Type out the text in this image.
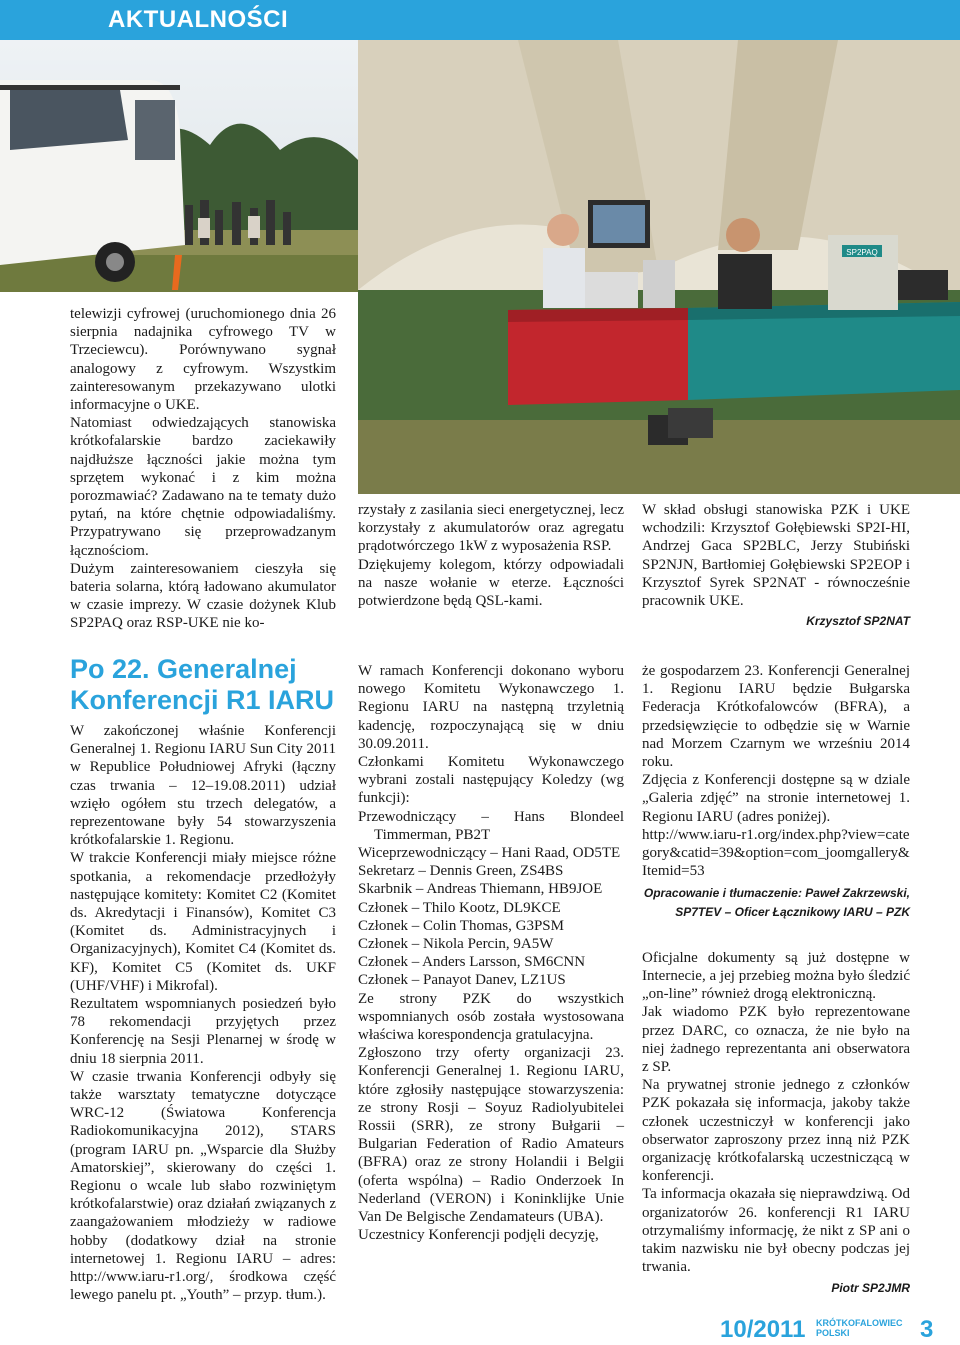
AKTUALNOŚCI
SP2PAQ

telewizji cyfrowej (uruchomionego dnia 26 sierpnia nadajnika cyfrowego TV w Trzeciewcu). Porównywano sygnał analogowy z cyfrowym. Wszystkim zainteresowanym przekazywano ulotki informacyjne o UKE.

Natomiast odwiedzających stanowiska krótkofalarskie bardzo zaciekawiły najdłuższe łączności jakie można tym sprzętem wykonać i z kim można porozmawiać? Zadawano na te tematy dużo pytań, na które chętnie odpowiadaliśmy. Przypatrywano się przeprowadzanym łącznościom.

Dużym zainteresowaniem cieszyła się bateria solarna, którą ładowano akumulator w czasie imprezy. W czasie dożynek Klub SP2PAQ oraz RSP-UKE nie ko-

rzystały z zasilania sieci energetycznej, lecz korzystały z akumulatorów oraz agregatu prądotwórczego 1kW z wyposażenia RSP.

Dziękujemy kolegom, którzy odpowiadali na nasze wołanie w eterze. Łączności potwierdzone będą QSL-kami.

W skład obsługi stanowiska PZK i UKE wchodzili: Krzysztof Gołębiewski SP2I-HI, Andrzej Gaca SP2BLC, Jerzy Stubiński SP2NJN, Bartłomiej Gołębiewski SP2EOP i Krzysztof Syrek SP2NAT - równocześnie pracownik UKE.

Krzysztof SP2NAT
Po 22. Generalnej Konferencji R1 IARU

W zakończonej właśnie Konferencji Generalnej 1. Regionu IARU Sun City 2011 w Republice Południowej Afryki (łączny czas trwania – 12–19.08.2011) udział wzięło ogółem stu trzech delegatów, a reprezentowane były 54 stowarzyszenia krótkofalarskie 1. Regionu.

W trakcie Konferencji miały miejsce różne spotkania, a rekomendacje przedłożyły następujące komitety: Komitet C2 (Komitet ds. Akredytacji i Finansów), Komitet C3 (Komitet ds. Administracyjnych i Organizacyjnych), Komitet C4 (Komitet ds. KF), Komitet C5 (Komitet ds. UKF (UHF/VHF) i Mikrofal).

Rezultatem wspomnianych posiedzeń było 78 rekomendacji przyjętych przez Konferencję na Sesji Plenarnej w środę w dniu 18 sierpnia 2011.

W czasie trwania Konferencji odbyły się także warsztaty tematyczne dotyczące WRC-12 (Światowa Konferencja Radiokomunikacyjna 2012), STARS (program IARU pn. „Wsparcie dla Służby Amatorskiej”, skierowany do części 1. Regionu o wcale lub słabo rozwiniętym krótkofalarstwie) oraz działań związanych z zaangażowaniem młodzieży w radiowe hobby (dodatkowy dział na stronie internetowej 1. Regionu IARU – adres: http://www.iaru-r1.org/, środkowa część lewego panelu pt. „Youth” – przyp. tłum.).

W ramach Konferencji dokonano wyboru nowego Komitetu Wykonawczego 1. Regionu IARU na następną trzyletnią kadencję, rozpoczynającą się w dniu 30.09.2011.

Członkami Komitetu Wykonawczego wybrani zostali następujący Koledzy (wg funkcji):

Przewodniczący – Hans Blondeel Timmerman, PB2T

Wiceprzewodniczący – Hani Raad, OD5TE

Sekretarz – Dennis Green, ZS4BS

Skarbnik – Andreas Thiemann, HB9JOE

Członek – Thilo Kootz, DL9KCE

Członek – Colin Thomas, G3PSM

Członek – Nikola Percin, 9A5W

Członek – Anders Larsson, SM6CNN

Członek – Panayot Danev, LZ1US

Ze strony PZK do wszystkich wspomnianych osób została wystosowana właściwa korespondencja gratulacyjna.

Zgłoszono trzy oferty organizacji 23. Konferencji Generalnej 1. Regionu IARU, które zgłosiły następujące stowarzyszenia: ze strony Rosji – Soyuz Radiolyubitelei Rossii (SRR), ze strony Bułgarii – Bulgarian Federation of Radio Amateurs (BFRA) oraz ze strony Holandii i Belgii (oferta wspólna) – Radio Onderzoek In Nederland (VERON) i Koninklijke Unie Van De Belgische Zendamateurs (UBA).

Uczestnicy Konferencji podjęli decyzję,

że gospodarzem 23. Konferencji Generalnej 1. Regionu IARU będzie Bułgarska Federacja Krótkofalowców (BFRA), a przedsięwzięcie to odbędzie się w Warnie nad Morzem Czarnym we wrześniu 2014 roku.

Zdjęcia z Konferencji dostępne są w dziale „Galeria zdjęć” na stronie internetowej 1. Regionu IARU (adres poniżej).

http://www.iaru-r1.org/index.php?view=category&catid=39&option=com_joomgallery&Itemid=53

Opracowanie i tłumaczenie: Paweł Zakrzewski,
SP7TEV – Oficer Łącznikowy IARU – PZK

Oficjalne dokumenty są już dostępne w Internecie, a jej przebieg można było śledzić „on-line” również drogą elektroniczną.

Jak wiadomo PZK było reprezentowane przez DARC, co oznacza, że nie było na niej żadnego reprezentanta ani obserwatora z SP.

Na prywatnej stronie jednego z członków PZK pokazała się informacja, jakoby także członek uczestniczył w konferencji jako obserwator zaproszony przez inną niż PZK organizację krótkofalarską uczestniczącą w konferencji.

Ta informacja okazała się nieprawdziwą. Od organizatorów 26. konferencji R1 IARU otrzymaliśmy informację, że nikt z SP ani o takim nazwisku nie był obecny podczas jej trwania.

Piotr SP2JMR
10/2011 KRÓTKOFALOWIEC
POLSKI	3
